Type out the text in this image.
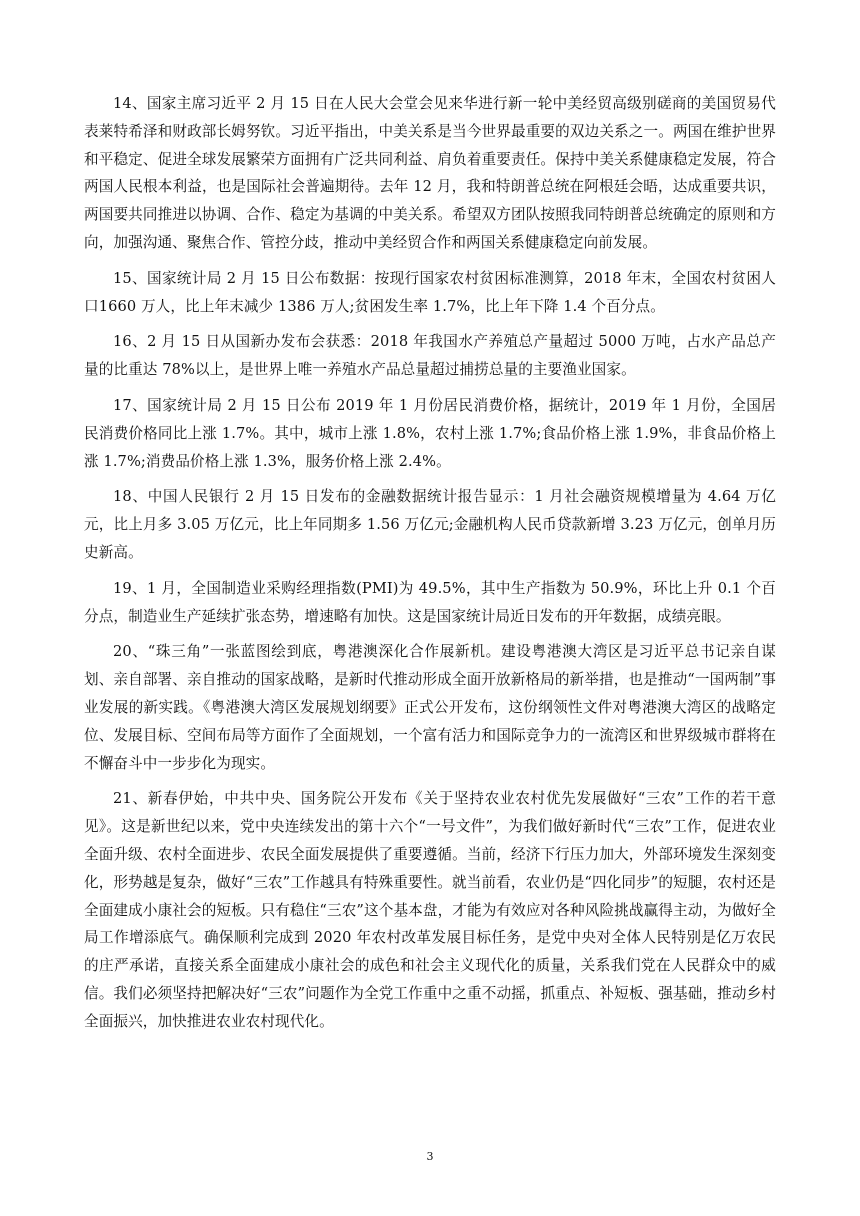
14、国家主席习近平 2 月 15 日在人民大会堂会见来华进行新一轮中美经贸高级别磋商的美国贸易代表莱特希泽和财政部长姆努钦。习近平指出，中美关系是当今世界最重要的双边关系之一。两国在维护世界和平稳定、促进全球发展繁荣方面拥有广泛共同利益、肩负着重要责任。保持中美关系健康稳定发展，符合两国人民根本利益，也是国际社会普遍期待。去年 12 月，我和特朗普总统在阿根廷会晤，达成重要共识，两国要共同推进以协调、合作、稳定为基调的中美关系。希望双方团队按照我同特朗普总统确定的原则和方向，加强沟通、聚焦合作、管控分歧，推动中美经贸合作和两国关系健康稳定向前发展。

15、国家统计局 2 月 15 日公布数据：按现行国家农村贫困标准测算，2018 年末，全国农村贫困人口1660 万人，比上年末减少 1386 万人;贫困发生率 1.7%，比上年下降 1.4 个百分点。

16、2 月 15 日从国新办发布会获悉：2018 年我国水产养殖总产量超过 5000 万吨，占水产品总产量的比重达 78%以上，是世界上唯一养殖水产品总量超过捕捞总量的主要渔业国家。

17、国家统计局 2 月 15 日公布 2019 年 1 月份居民消费价格，据统计，2019 年 1 月份，全国居民消费价格同比上涨 1.7%。其中，城市上涨 1.8%，农村上涨 1.7%;食品价格上涨 1.9%，非食品价格上涨 1.7%;消费品价格上涨 1.3%，服务价格上涨 2.4%。

18、中国人民银行 2 月 15 日发布的金融数据统计报告显示：1 月社会融资规模增量为 4.64 万亿元，比上月多 3.05 万亿元，比上年同期多 1.56 万亿元;金融机构人民币贷款新增 3.23 万亿元，创单月历史新高。

19、1 月，全国制造业采购经理指数(PMI)为 49.5%，其中生产指数为 50.9%，环比上升 0.1 个百分点，制造业生产延续扩张态势，增速略有加快。这是国家统计局近日发布的开年数据，成绩亮眼。

20、“珠三角”一张蓝图绘到底，粤港澳深化合作展新机。建设粤港澳大湾区是习近平总书记亲自谋划、亲自部署、亲自推动的国家战略，是新时代推动形成全面开放新格局的新举措，也是推动“一国两制”事业发展的新实践。《粤港澳大湾区发展规划纲要》正式公开发布，这份纲领性文件对粤港澳大湾区的战略定位、发展目标、空间布局等方面作了全面规划，一个富有活力和国际竞争力的一流湾区和世界级城市群将在不懈奋斗中一步步化为现实。

21、新春伊始，中共中央、国务院公开发布《关于坚持农业农村优先发展做好“三农”工作的若干意见》。这是新世纪以来，党中央连续发出的第十六个“一号文件”，为我们做好新时代“三农”工作，促进农业全面升级、农村全面进步、农民全面发展提供了重要遵循。当前，经济下行压力加大，外部环境发生深刻变化，形势越是复杂，做好“三农”工作越具有特殊重要性。就当前看，农业仍是“四化同步”的短腿，农村还是全面建成小康社会的短板。只有稳住“三农”这个基本盘，才能为有效应对各种风险挑战赢得主动，为做好全局工作增添底气。确保顺利完成到 2020 年农村改革发展目标任务，是党中央对全体人民特别是亿万农民的庄严承诺，直接关系全面建成小康社会的成色和社会主义现代化的质量，关系我们党在人民群众中的威信。我们必须坚持把解决好“三农”问题作为全党工作重中之重不动摇，抓重点、补短板、强基础，推动乡村全面振兴，加快推进农业农村现代化。

3
